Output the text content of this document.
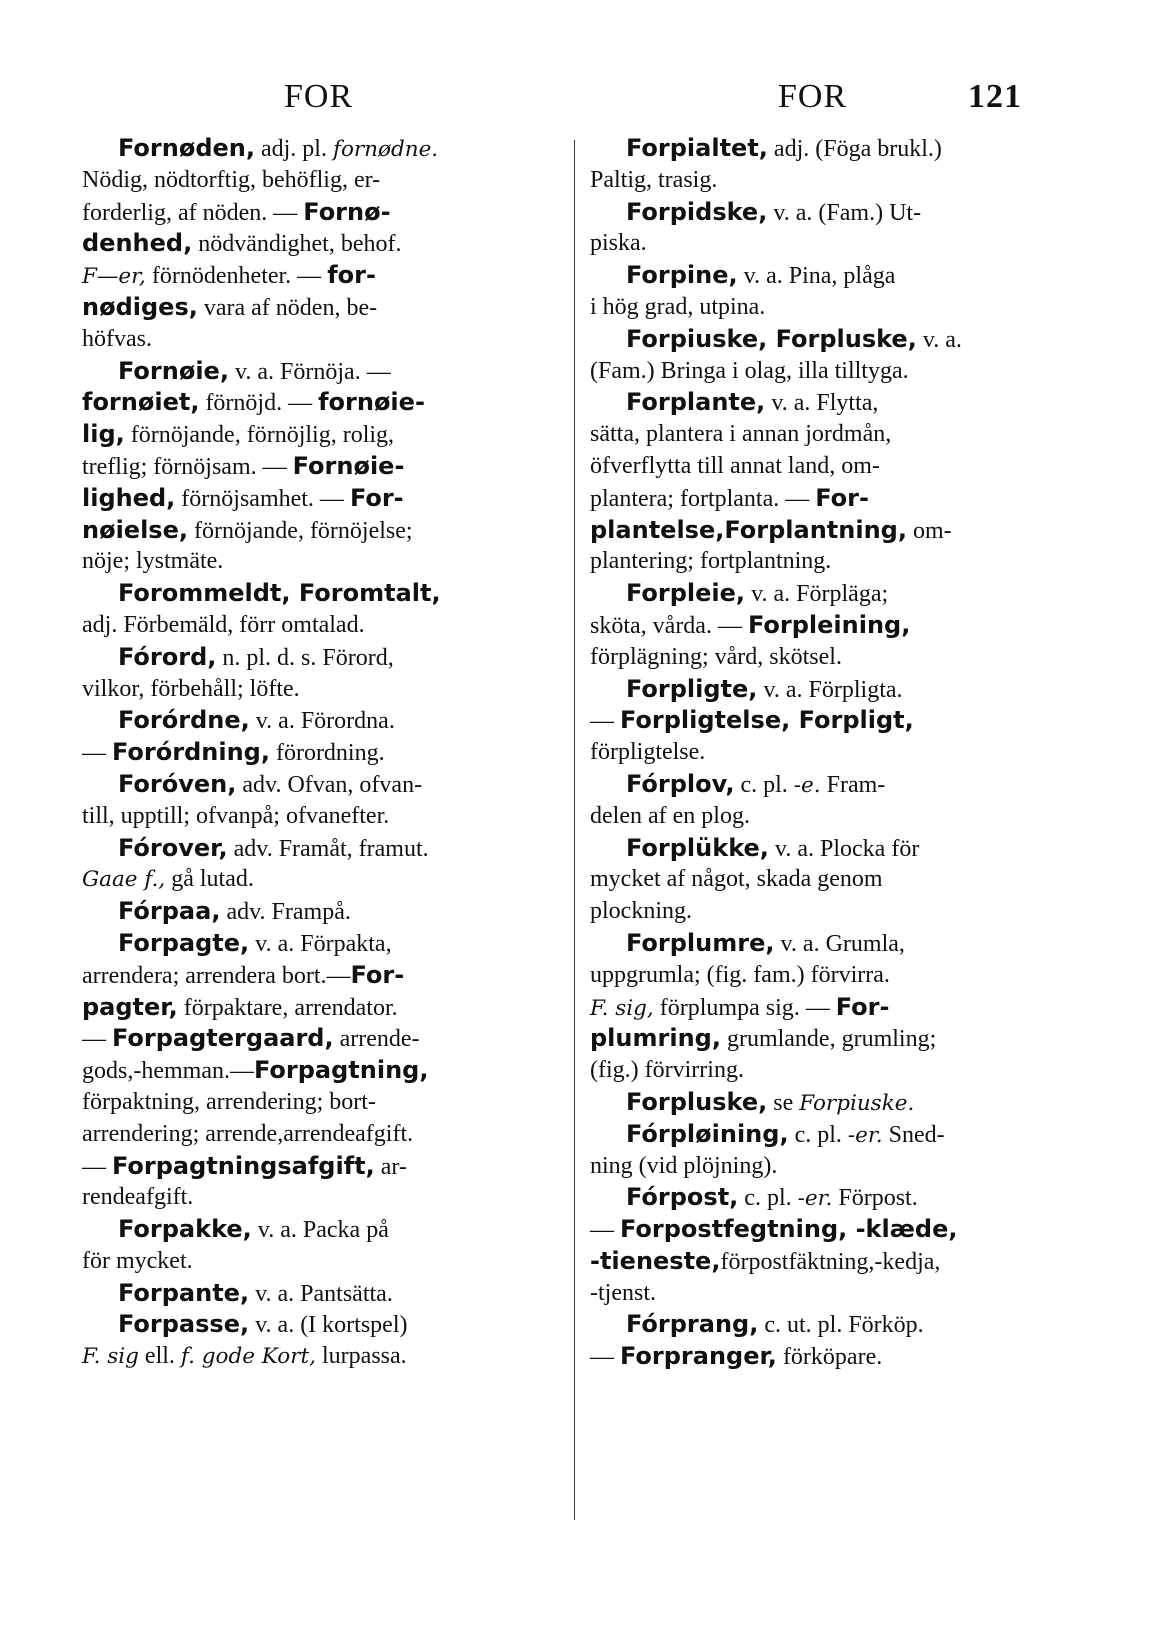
FOR	FOR	121
Fornøden, adj. pl. fornødne.
Nödig, nödtorftig, behöflig, er-
forderlig, af nöden. — Fornø-
denhed, nödvändighet, behof.
F—er, förnödenheter. — for-
nødiges, vara af nöden, be-
höfvas.
Fornøie, v. a. Förnöja. —
fornøiet, förnöjd. — fornøie-
lig, förnöjande, förnöjlig, rolig,
treflig; förnöjsam. — Fornøie-
lighed, förnöjsamhet. — For-
nøielse, förnöjande, förnöjelse;
nöje; lystmäte.
Forommeldt, Foromtalt,
adj. Förbemäld, förr omtalad.
Fórord, n. pl. d. s. Förord,
vilkor, förbehåll; löfte.
Forórdne, v. a. Förordna.
— Forórdning, förordning.
Foróven, adv. Ofvan, ofvan-
till, upptill; ofvanpå; ofvanefter.
Fórover, adv. Framåt, framut.
Gaae f., gå lutad.
Fórpaa, adv. Frampå.
Forpagte, v. a. Förpakta,
arrendera; arrendera bort.—For-
pagter, förpaktare, arrendator.
— Forpagtergaard, arrende-
gods,-hemman.—Forpagtning,
förpaktning, arrendering; bort-
arrendering; arrende,arrendeafgift.
— Forpagtningsafgift, ar-
rendeafgift.
Forpakke, v. a. Packa på
för mycket.
Forpante, v. a. Pantsätta.
Forpasse, v. a. (I kortspel)
F. sig ell. f. gode Kort, lurpassa.
Forpialtet, adj. (Föga brukl.)
Paltig, trasig.
Forpidske, v. a. (Fam.) Ut-
piska.
Forpine, v. a. Pina, plåga
i hög grad, utpina.
Forpiuske, Forpluske, v. a.
(Fam.) Bringa i olag, illa tilltyga.
Forplante, v. a. Flytta,
sätta, plantera i annan jordmån,
öfverflytta till annat land, om-
plantera; fortplanta. — For-
plantelse,Forplantning, om-
plantering; fortplantning.
Forpleie, v. a. Förpläga;
sköta, vårda. — Forpleining,
förplägning; vård, skötsel.
Forpligte, v. a. Förpligta.
— Forpligtelse, Forpligt,
förpligtelse.
Fórplov, c. pl. -e. Fram-
delen af en plog.
Forplükke, v. a. Plocka för
mycket af något, skada genom
plockning.
Forplumre, v. a. Grumla,
uppgrumla; (fig. fam.) förvirra.
F. sig, förplumpa sig. — For-
plumring, grumlande, grumling;
(fig.) förvirring.
Forpluske, se Forpiuske.
Fórpløining, c. pl. -er. Sned-
ning (vid plöjning).
Fórpost, c. pl. -er. Förpost.
— Forpostfegtning, -klæde,
-tieneste,förpostfäktning,-kedja,
-tjenst.
Fórprang, c. ut. pl. Förköp.
— Forpranger, förköpare.
